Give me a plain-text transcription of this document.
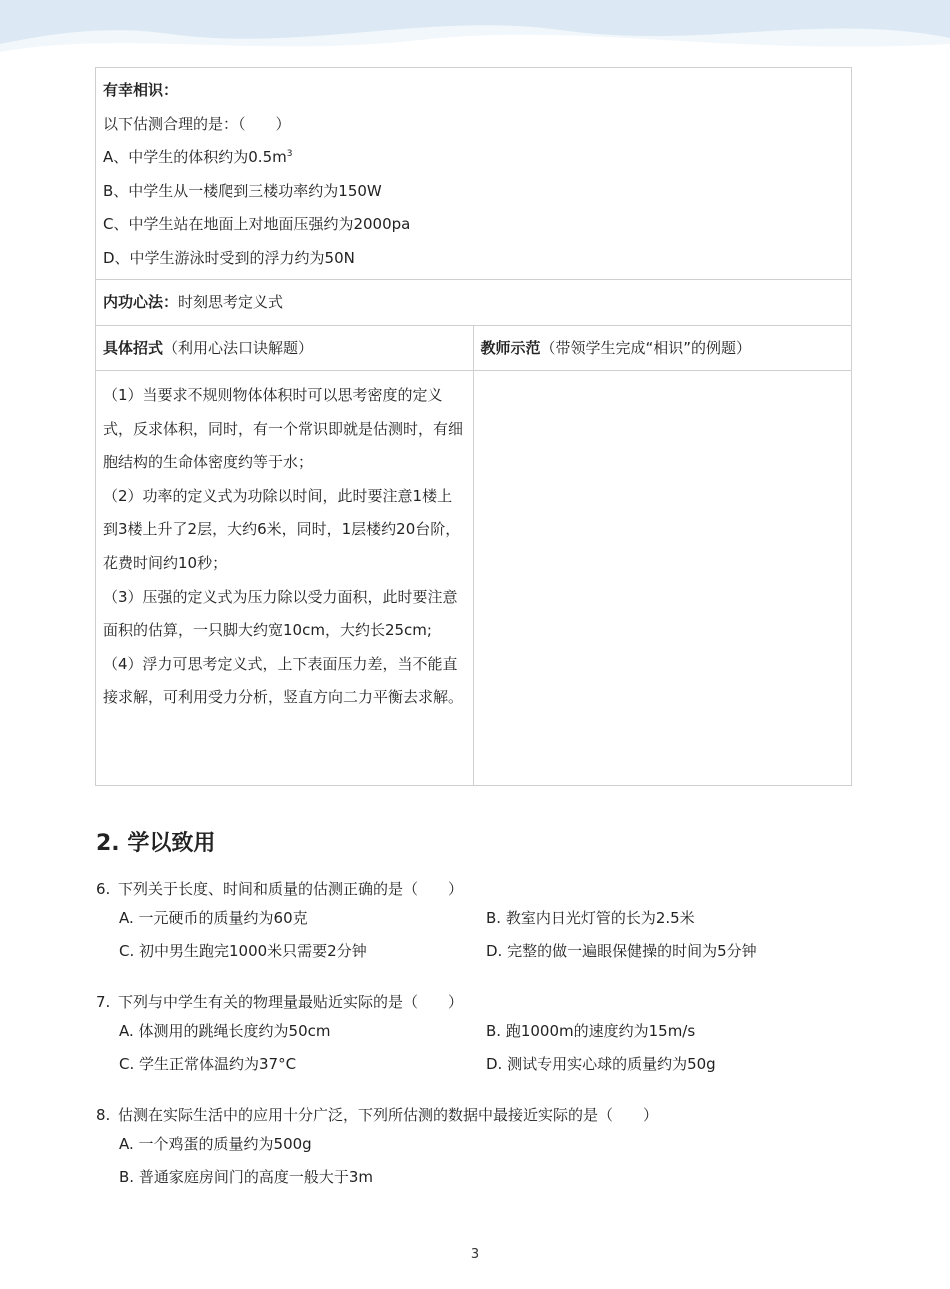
有幸相识：
以下估测合理的是：（　　）
A、中学生的体积约为$0.5m^3$
B、中学生从一楼爬到三楼功率约为150W
C、中学生站在地面上对地面压强约为2000pa
D、中学生游泳时受到的浮力约为50N
内功心法：时刻思考定义式
具体招式（利用心法口诀解题）	教师示范（带领学生完成“相识”的例题）
（1）当要求不规则物体体积时可以思考密度的定义式，反求体积，同时，有一个常识即就是估测时，有细胞结构的生命体密度约等于水；
（2）功率的定义式为功除以时间，此时要注意1楼上到3楼上升了2层，大约6米，同时，1层楼约20台阶，花费时间约10秒；
（3）压强的定义式为压力除以受力面积，此时要注意面积的估算，一只脚大约宽10cm，大约长25cm;
（4）浮力可思考定义式，上下表面压力差，当不能直接求解，可利用受力分析，竖直方向二力平衡去求解。
2. 学以致用
6. 下列关于长度、时间和质量的估测正确的是（　　）
A. 一元硬币的质量约为60克	B. 教室内日光灯管的长为2.5米
C. 初中男生跑完1000米只需要2分钟	D. 完整的做一遍眼保健操的时间为5分钟
7. 下列与中学生有关的物理量最贴近实际的是（　　）
A. 体测用的跳绳长度约为50cm	B. 跑1000m的速度约为15m/s
C. 学生正常体温约为37°C	D. 测试专用实心球的质量约为50g
8. 估测在实际生活中的应用十分广泛，下列所估测的数据中最接近实际的是（　　）
A. 一个鸡蛋的质量约为500g
B. 普通家庭房间门的高度一般大于3m
3
